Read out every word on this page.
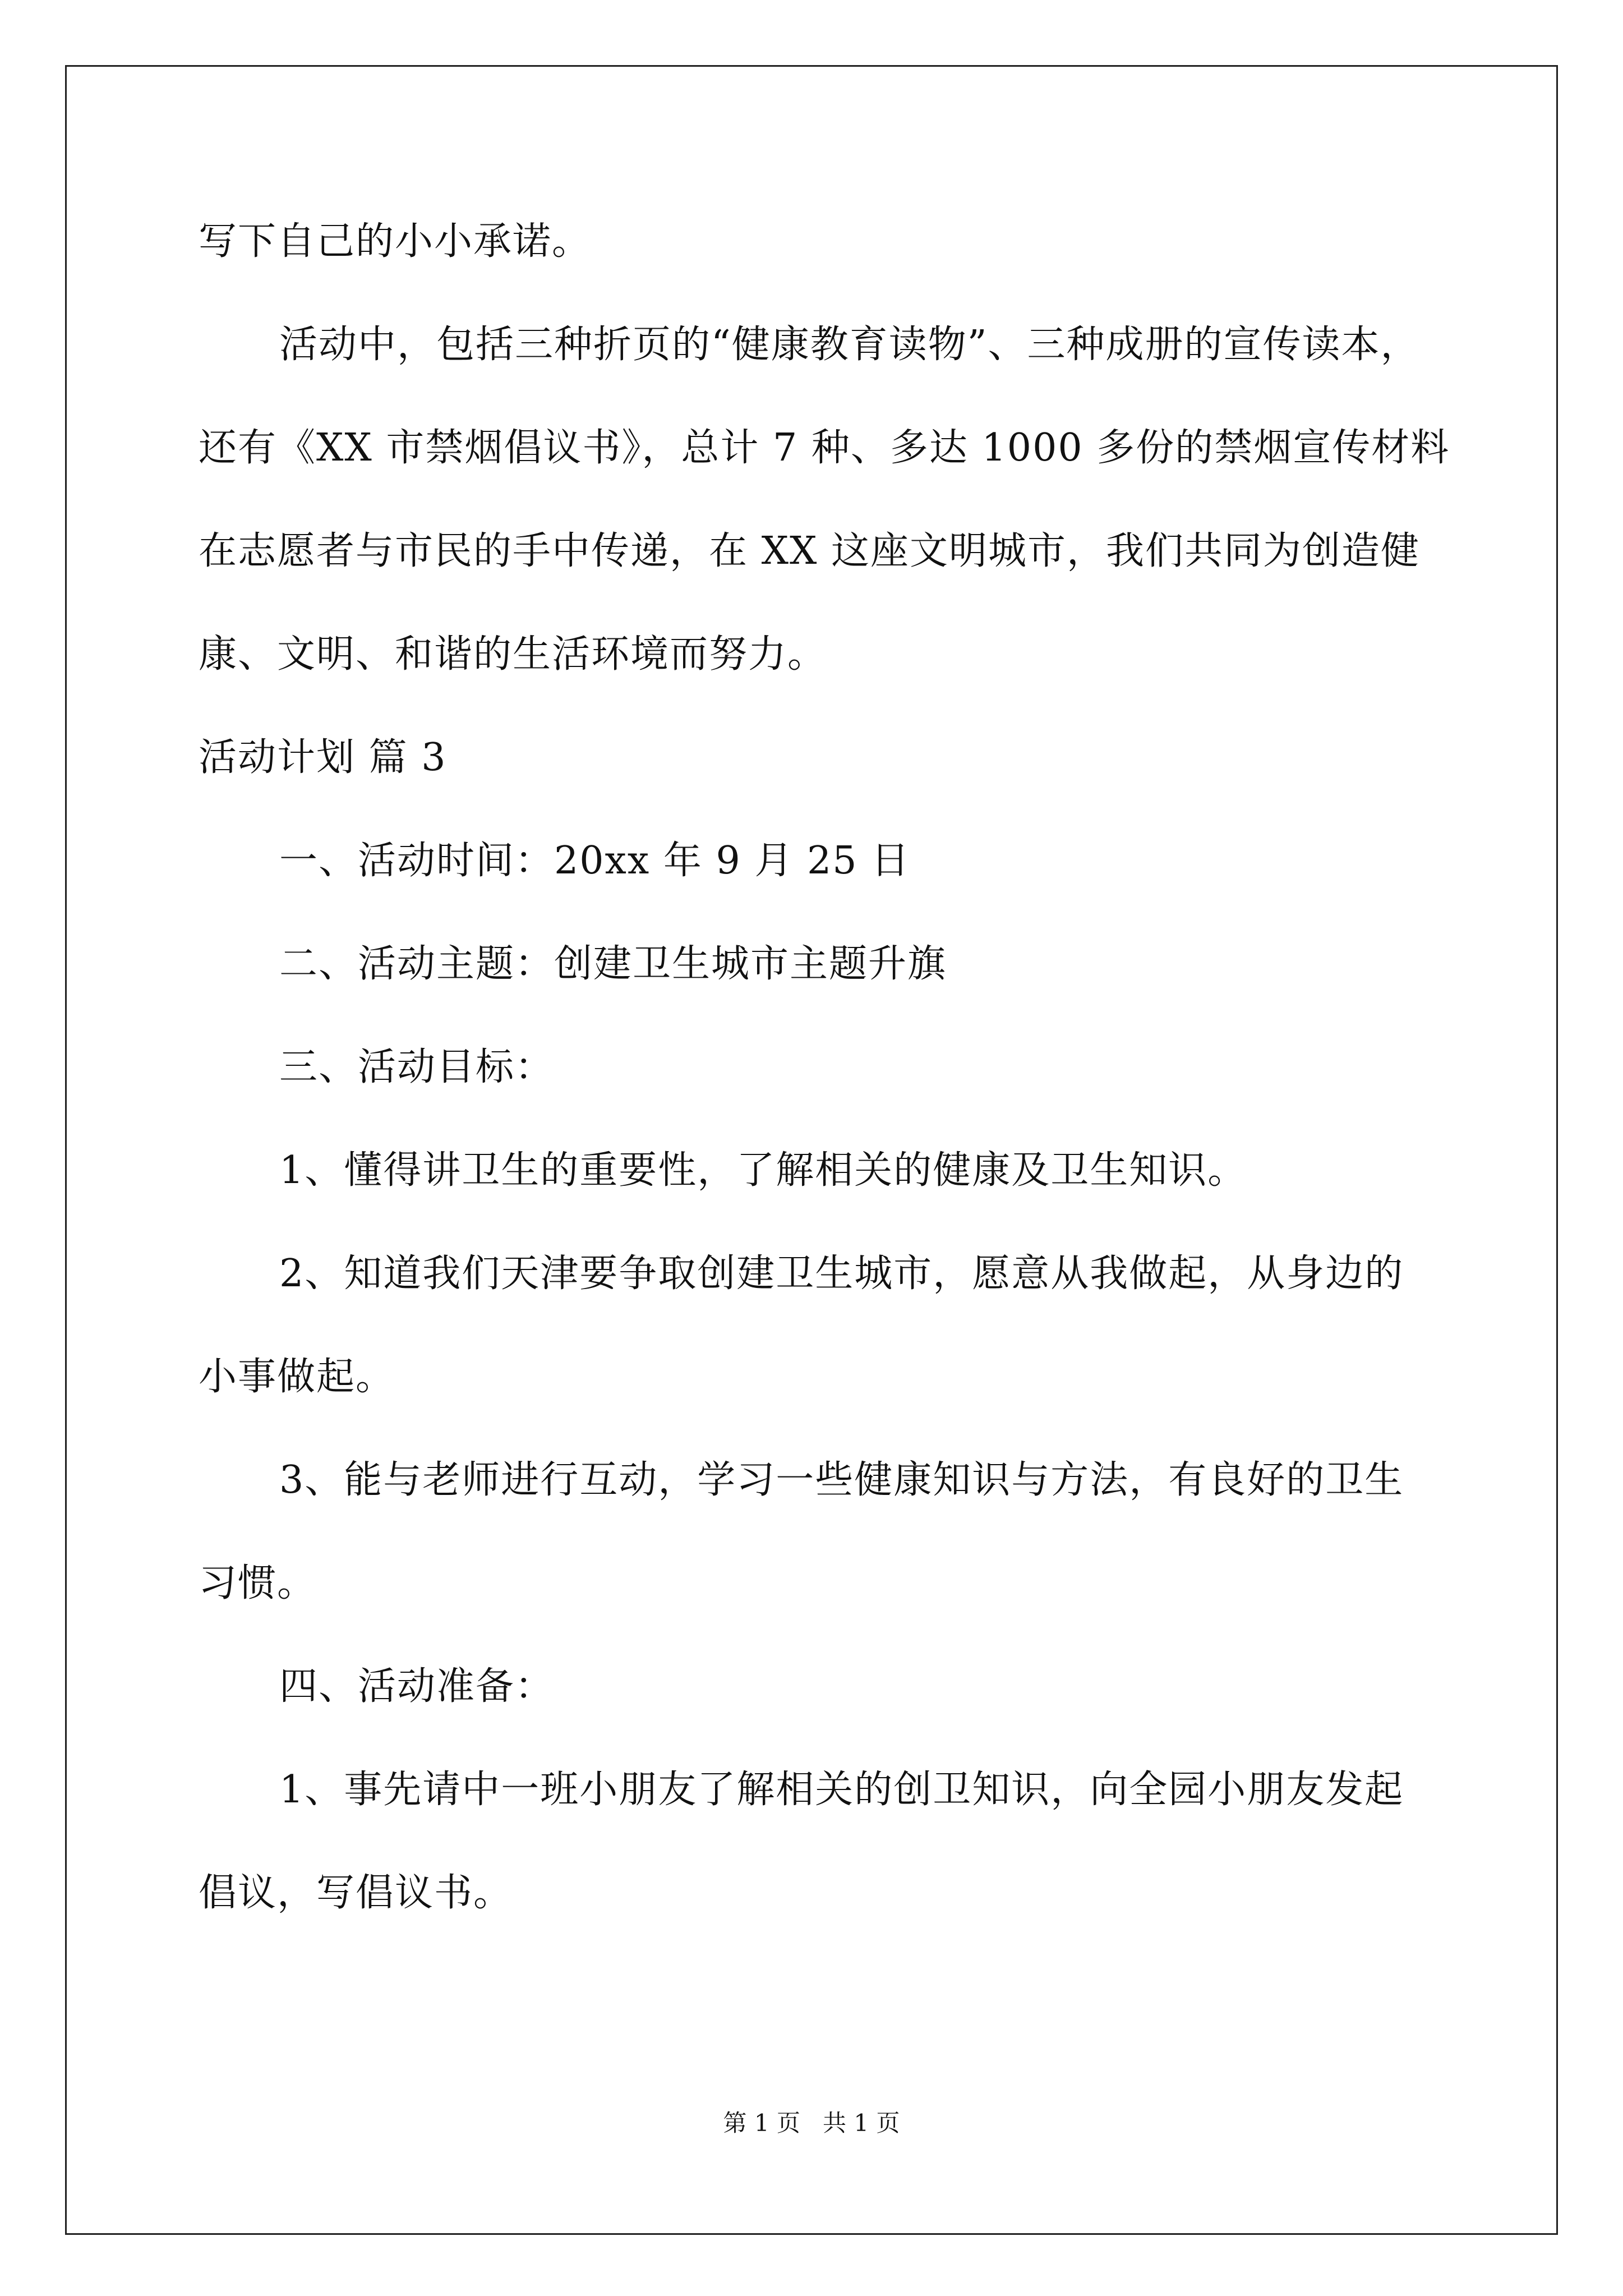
写下自己的小小承诺。
活动中，包括三种折页的“健康教育读物”、三种成册的宣传读本，
还有《XX 市禁烟倡议书》，总计 7 种、多达 1000 多份的禁烟宣传材料
在志愿者与市民的手中传递，在 XX 这座文明城市，我们共同为创造健
康、文明、和谐的生活环境而努力。
活动计划 篇 3
一、活动时间：20xx 年 9 月 25 日
二、活动主题：创建卫生城市主题升旗
三、活动目标：
1、懂得讲卫生的重要性，了解相关的健康及卫生知识。
2、知道我们天津要争取创建卫生城市，愿意从我做起，从身边的
小事做起。
3、能与老师进行互动，学习一些健康知识与方法，有良好的卫生
习惯。
四、活动准备：
1、事先请中一班小朋友了解相关的创卫知识，向全园小朋友发起
倡议，写倡议书。
第 1 页   共 1 页
